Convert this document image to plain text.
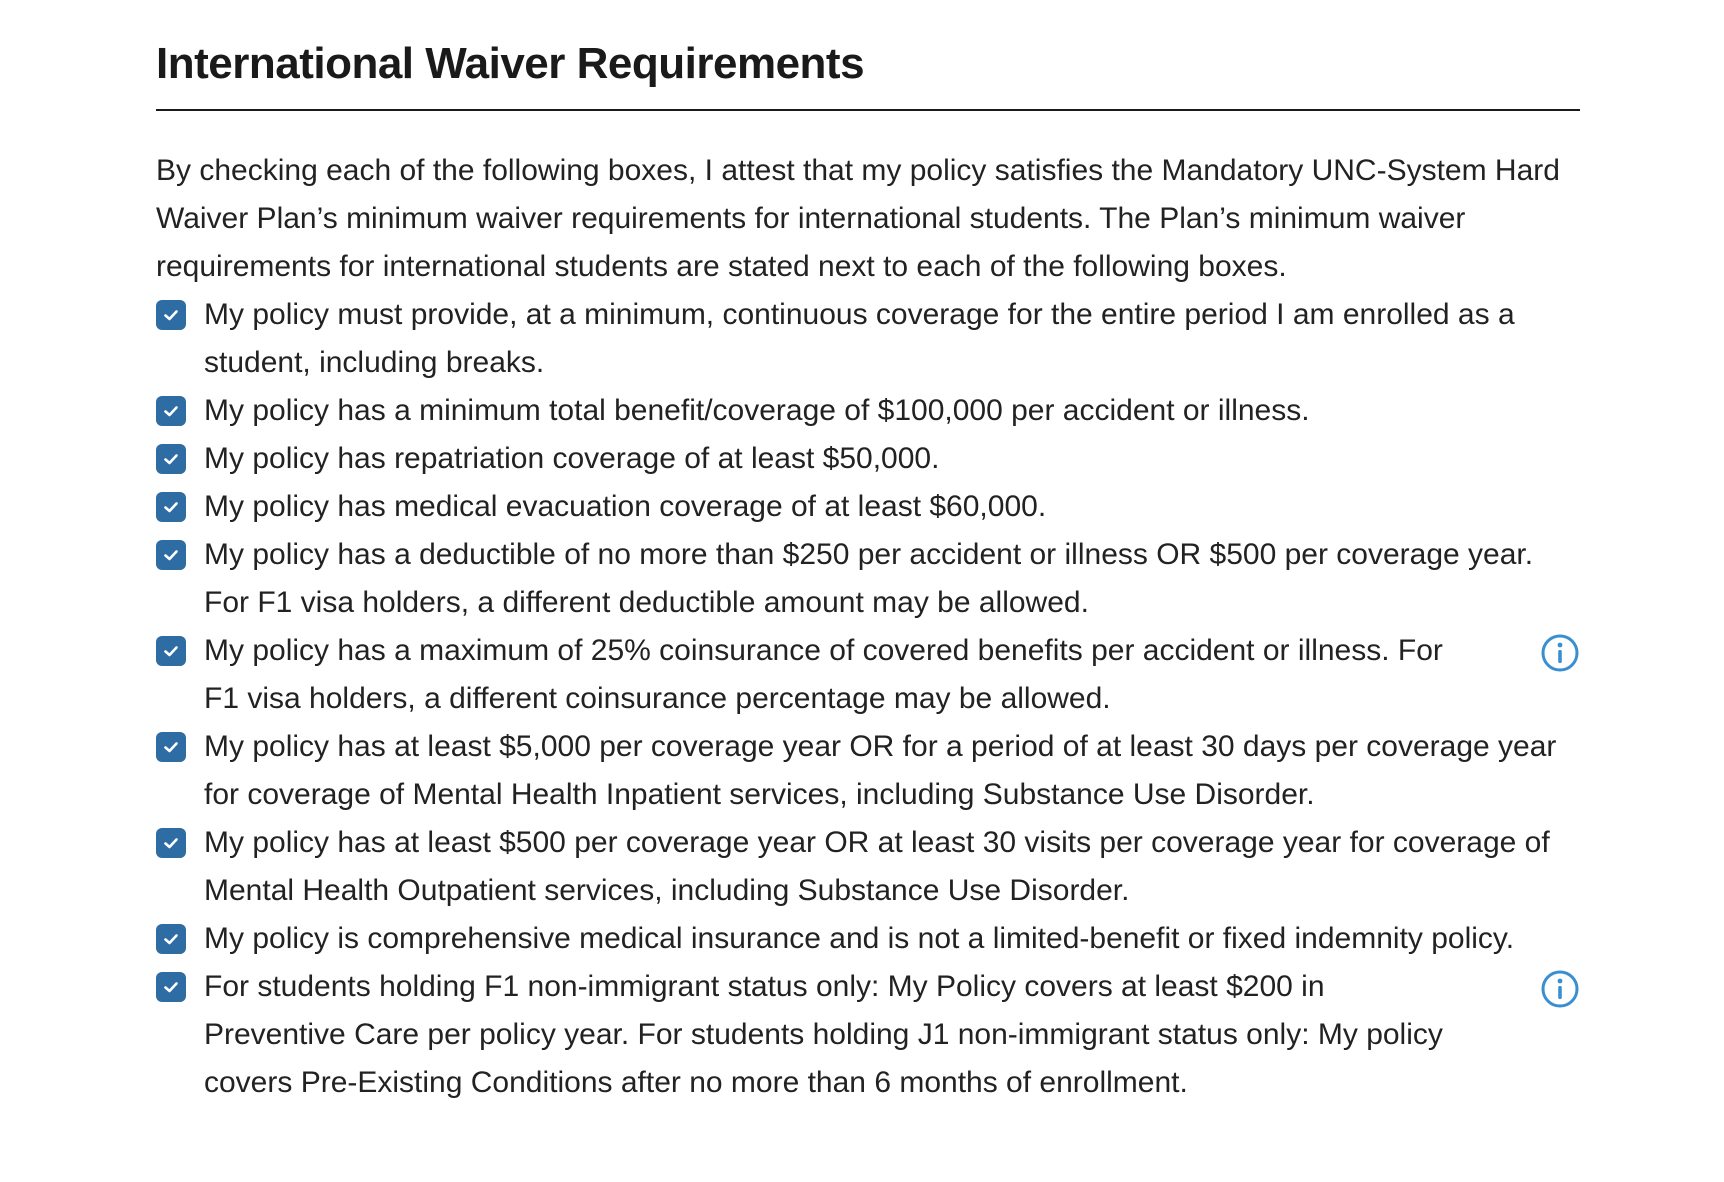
International Waiver Requirements
By checking each of the following boxes, I attest that my policy satisfies the Mandatory UNC-System Hard Waiver Plan’s minimum waiver requirements for international students. The Plan’s minimum waiver requirements for international students are stated next to each of the following boxes.
My policy must provide, at a minimum, continuous coverage for the entire period I am enrolled as a student, including breaks.
My policy has a minimum total benefit/coverage of $100,000 per accident or illness.
My policy has repatriation coverage of at least $50,000.
My policy has medical evacuation coverage of at least $60,000.
My policy has a deductible of no more than $250 per accident or illness OR $500 per coverage year. For F1 visa holders, a different deductible amount may be allowed.
My policy has a maximum of 25% coinsurance of covered benefits per accident or illness. For F1 visa holders, a different coinsurance percentage may be allowed.
My policy has at least $5,000 per coverage year OR for a period of at least 30 days per coverage year for coverage of Mental Health Inpatient services, including Substance Use Disorder.
My policy has at least $500 per coverage year OR at least 30 visits per coverage year for coverage of Mental Health Outpatient services, including Substance Use Disorder.
My policy is comprehensive medical insurance and is not a limited-benefit or fixed indemnity policy.
For students holding F1 non-immigrant status only: My Policy covers at least $200 in Preventive Care per policy year. For students holding J1 non-immigrant status only: My policy covers Pre-Existing Conditions after no more than 6 months of enrollment.
